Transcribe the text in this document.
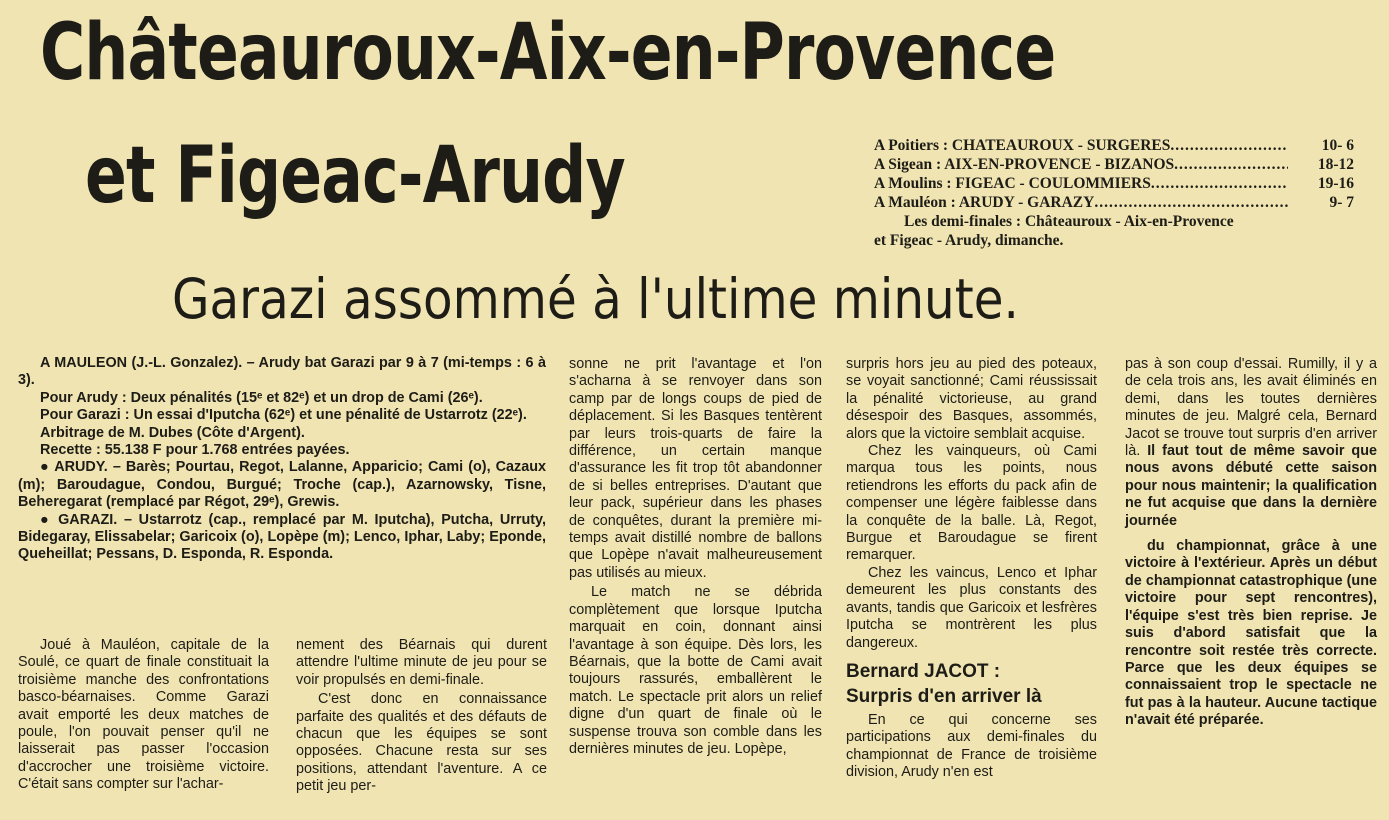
Châteauroux-Aix-en-Provence
et Figeac-Arudy	A Poitiers : CHATEAUROUX - SURGERES .....	10- 6
A Sigean : AIX-EN-PROVENCE - BIZANOS .....	18-12
A Moulins : FIGEAC - COULOMMIERS .....	19-16
A Mauléon : ARUDY - GARAZY .....	9- 7
Les demi-finales : Châteauroux - Aix-en-Provence
et Figeac - Arudy, dimanche.
Garazi assommé à l'ultime minute.

A MAULEON (J.-L. Gonzalez). – Arudy bat Garazi par 9 à 7 (mi-temps : 6 à 3).

Pour Arudy : Deux pénalités (15ᵉ et 82ᵉ) et un drop de Cami (26ᵉ).

Pour Garazi : Un essai d'Iputcha (62ᵉ) et une pénalité de Ustarrotz (22ᵉ).

Arbitrage de M. Dubes (Côte d'Argent).

Recette : 55.138 F pour 1.768 entrées payées.

● ARUDY. – Barès; Pourtau, Regot, Lalanne, Apparicio; Cami (o), Cazaux (m); Baroudague, Condou, Burgué; Troche (cap.), Azarnowsky, Tisne, Beheregarat (remplacé par Régot, 29ᵉ), Grewis.

● GARAZI. – Ustarrotz (cap., remplacé par M. Iputcha), Putcha, Urruty, Bidegaray, Elissabelar; Garicoix (o), Lopèpe (m); Lenco, Iphar, Laby; Eponde, Queheillat; Pessans, D. Esponda, R. Esponda.

Joué à Mauléon, capitale de la Soulé, ce quart de finale constituait la troisième manche des confrontations basco-béarnaises. Comme Garazi avait emporté les deux matches de poule, l'on pouvait penser qu'il ne laisserait pas passer l'occasion d'accrocher une troisième victoire. C'était sans compter sur l'achar-

nement des Béarnais qui durent attendre l'ultime minute de jeu pour se voir propulsés en demi-finale.

C'est donc en connaissance parfaite des qualités et des défauts de chacun que les équipes se sont opposées. Chacune resta sur ses positions, attendant l'aventure. A ce petit jeu per-

sonne ne prit l'avantage et l'on s'acharna à se renvoyer dans son camp par de longs coups de pied de déplacement. Si les Basques tentèrent par leurs trois-quarts de faire la différence, un certain manque d'assurance les fit trop tôt abandonner de si belles entreprises. D'autant que leur pack, supérieur dans les phases de conquêtes, durant la première mi-temps avait distillé nombre de ballons que Lopèpe n'avait malheureusement pas utilisés au mieux.

Le match ne se débrida complètement que lorsque Iputcha marquait en coin, donnant ainsi l'avantage à son équipe. Dès lors, les Béarnais, que la botte de Cami avait toujours rassurés, emballèrent le match. Le spectacle prit alors un relief digne d'un quart de finale où le suspense trouva son comble dans les dernières minutes de jeu. Lopèpe,

surpris hors jeu au pied des poteaux, se voyait sanctionné; Cami réussissait la pénalité victorieuse, au grand désespoir des Basques, assommés, alors que la victoire semblait acquise.

Chez les vainqueurs, où Cami marqua tous les points, nous retiendrons les efforts du pack afin de compenser une légère faiblesse dans la conquête de la balle. Là, Regot, Burgue et Baroudague se firent remarquer.

Chez les vaincus, Lenco et Iphar demeurent les plus constants des avants, tandis que Garicoix et lesfrères Iputcha se montrèrent les plus dangereux.

Bernard JACOT :
Surpris d'en arriver là

En ce qui concerne ses participations aux demi-finales du championnat de France de troisième division, Arudy n'en est

pas à son coup d'essai. Rumilly, il y a de cela trois ans, les avait éliminés en demi, dans les toutes dernières minutes de jeu. Malgré cela, Bernard Jacot se trouve tout surpris d'en arriver là. Il faut tout de même savoir que nous avons débuté cette saison pour nous maintenir; la qualification ne fut acquise que dans la dernière journée

du championnat, grâce à une victoire à l'extérieur. Après un début de championnat catastrophique (une victoire pour sept rencontres), l'équipe s'est très bien reprise. Je suis d'abord satisfait que la rencontre soit restée très correcte. Parce que les deux équipes se connaissaient trop le spectacle ne fut pas à la hauteur. Aucune tactique n'avait été préparée.
